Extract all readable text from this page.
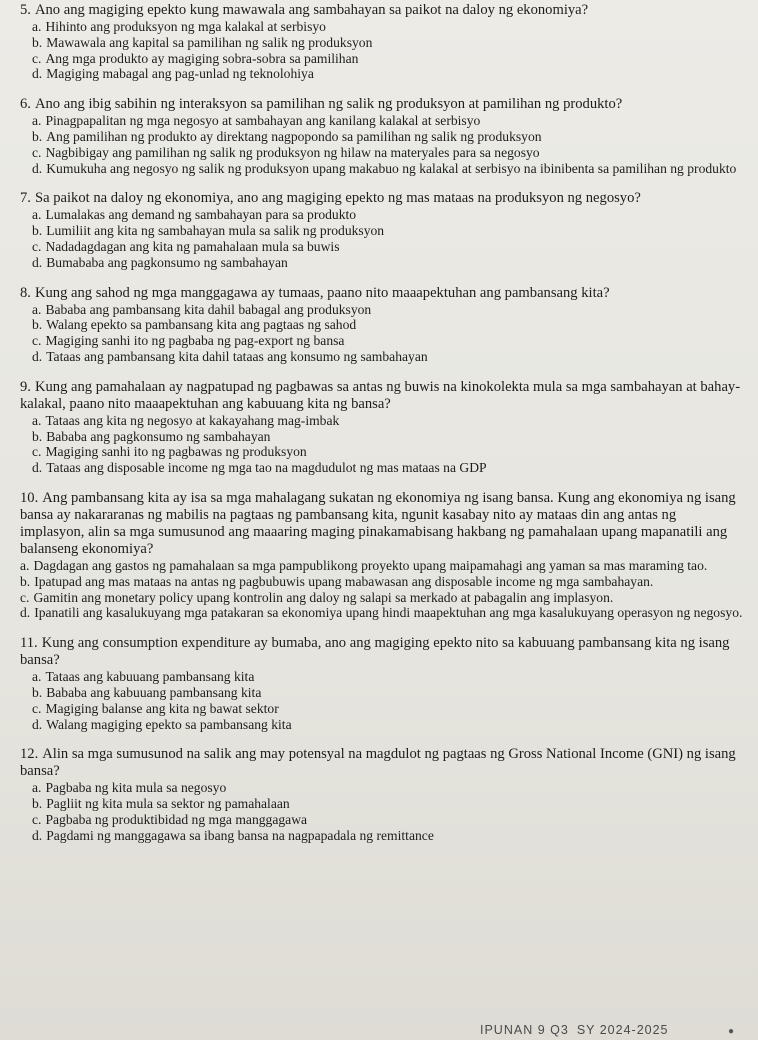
5. Ano ang magiging epekto kung mawawala ang sambahayan sa paikot na daloy ng ekonomiya?

a. Hihinto ang produksyon ng mga kalakal at serbisyo
b. Mawawala ang kapital sa pamilihan ng salik ng produksyon
c. Ang mga produkto ay magiging sobra-sobra sa pamilihan
d. Magiging mabagal ang pag-unlad ng teknolohiya

6. Ano ang ibig sabihin ng interaksyon sa pamilihan ng salik ng produksyon at pamilihan ng produkto?

a. Pinagpapalitan ng mga negosyo at sambahayan ang kanilang kalakal at serbisyo
b. Ang pamilihan ng produkto ay direktang nagpopondo sa pamilihan ng salik ng produksyon
c. Nagbibigay ang pamilihan ng salik ng produksyon ng hilaw na materyales para sa negosyo
d. Kumukuha ang negosyo ng salik ng produksyon upang makabuo ng kalakal at serbisyo na ibinibenta sa pamilihan ng produkto

7. Sa paikot na daloy ng ekonomiya, ano ang magiging epekto ng mas mataas na produksyon ng negosyo?

a. Lumalakas ang demand ng sambahayan para sa produkto
b. Lumiliit ang kita ng sambahayan mula sa salik ng produksyon
c. Nadadagdagan ang kita ng pamahalaan mula sa buwis
d. Bumababa ang pagkonsumo ng sambahayan

8. Kung ang sahod ng mga manggagawa ay tumaas, paano nito maaapektuhan ang pambansang kita?

a. Bababa ang pambansang kita dahil babagal ang produksyon
b. Walang epekto sa pambansang kita ang pagtaas ng sahod
c. Magiging sanhi ito ng pagbaba ng pag-export ng bansa
d. Tataas ang pambansang kita dahil tataas ang konsumo ng sambahayan

9. Kung ang pamahalaan ay nagpatupad ng pagbawas sa antas ng buwis na kinokolekta mula sa mga sambahayan at bahay-kalakal, paano nito maaapektuhan ang kabuuang kita ng bansa?

a. Tataas ang kita ng negosyo at kakayahang mag-imbak
b. Bababa ang pagkonsumo ng sambahayan
c. Magiging sanhi ito ng pagbawas ng produksyon
d. Tataas ang disposable income ng mga tao na magdudulot ng mas mataas na GDP

10. Ang pambansang kita ay isa sa mga mahalagang sukatan ng ekonomiya ng isang bansa. Kung ang ekonomiya ng isang bansa ay nakararanas ng mabilis na pagtaas ng pambansang kita, ngunit kasabay nito ay mataas din ang antas ng implasyon, alin sa mga sumusunod ang maaaring maging pinakamabisang hakbang ng pamahalaan upang mapanatili ang balanseng ekonomiya?

a. Dagdagan ang gastos ng pamahalaan sa mga pampublikong proyekto upang maipamahagi ang yaman sa mas maraming tao.
b. Ipatupad ang mas mataas na antas ng pagbubuwis upang mabawasan ang disposable income ng mga sambahayan.
c. Gamitin ang monetary policy upang kontrolin ang daloy ng salapi sa merkado at pabagalin ang implasyon.
d. Ipanatili ang kasalukuyang mga patakaran sa ekonomiya upang hindi maapektuhan ang mga kasalukuyang operasyon ng negosyo.

11. Kung ang consumption expenditure ay bumaba, ano ang magiging epekto nito sa kabuuang pambansang kita ng isang bansa?

a. Tataas ang kabuuang pambansang kita
b. Bababa ang kabuuang pambansang kita
c. Magiging balanse ang kita ng bawat sektor
d. Walang magiging epekto sa pambansang kita

12. Alin sa mga sumusunod na salik ang may potensyal na magdulot ng pagtaas ng Gross National Income (GNI) ng isang bansa?

a. Pagbaba ng kita mula sa negosyo
b. Pagliit ng kita mula sa sektor ng pamahalaan
c. Pagbaba ng produktibidad ng mga manggagawa
d. Pagdami ng manggagawa sa ibang bansa na nagpapadala ng remittance
IPUNAN 9 Q3 SY 2024-2025	●
